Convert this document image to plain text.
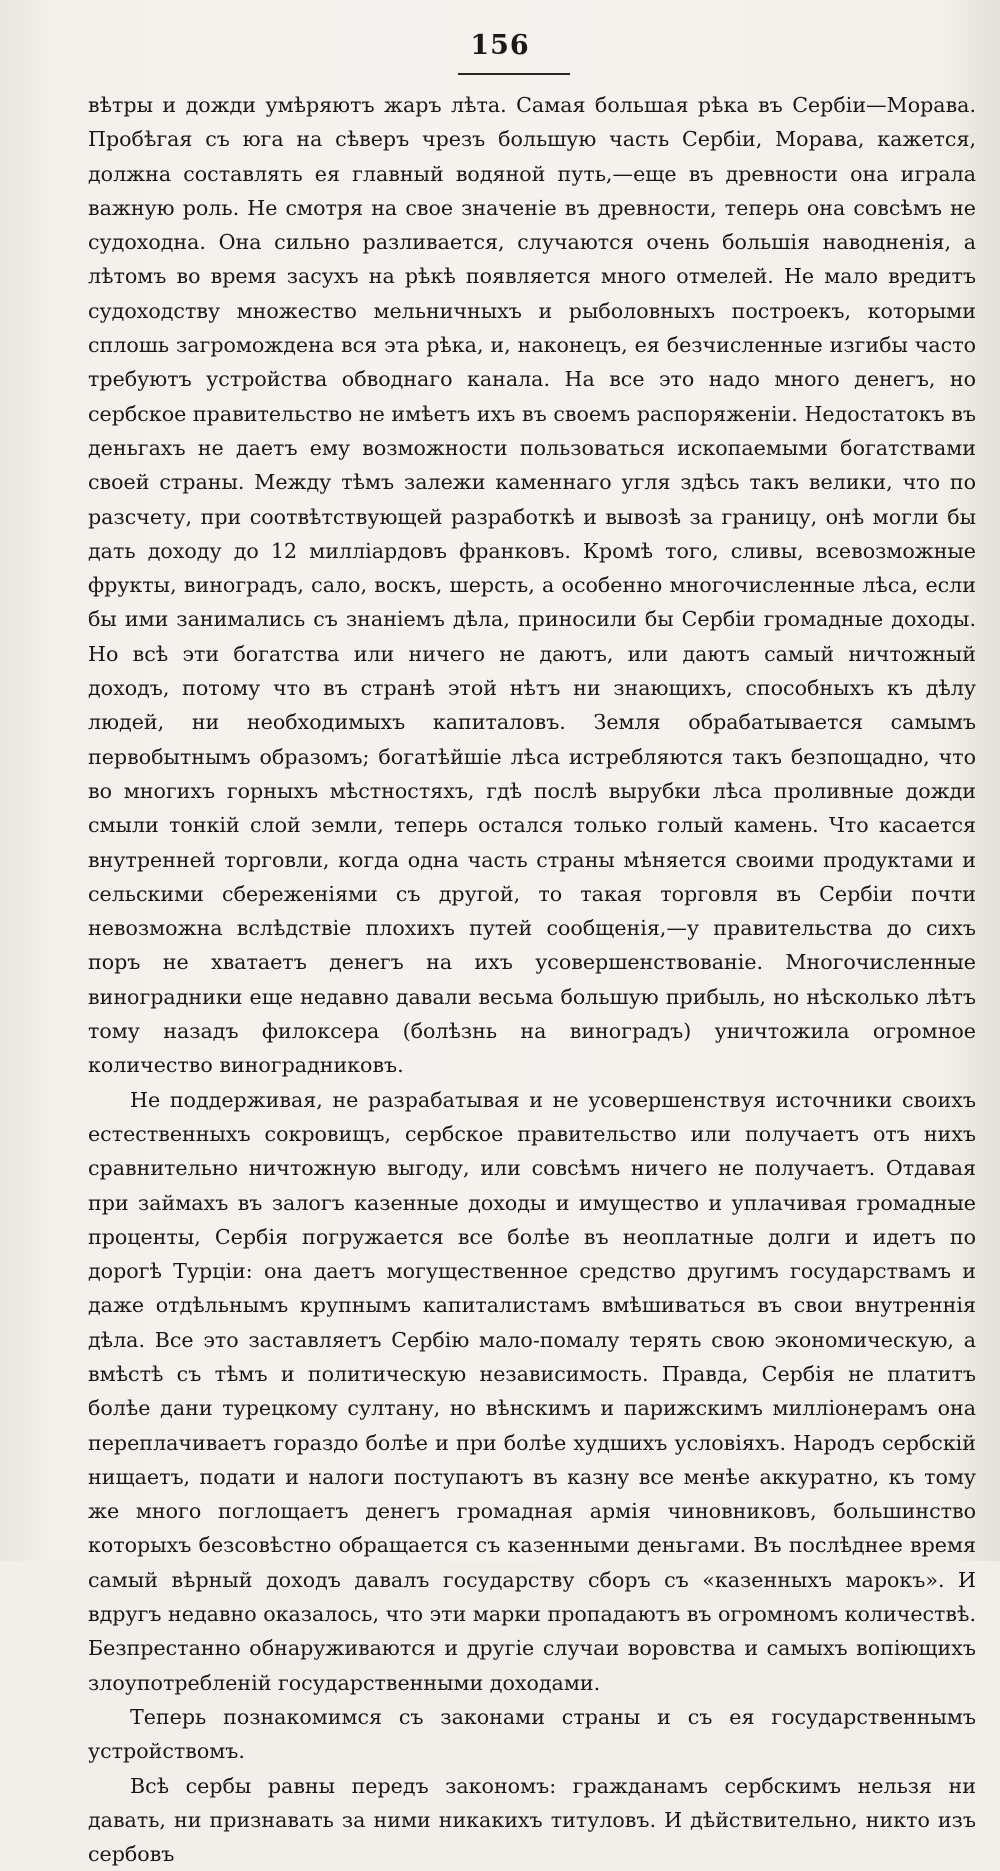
156

вѣтры и дожди умѣряютъ жаръ лѣта. Самая большая рѣка въ Сербіи—Морава. Пробѣгая съ юга на сѣверъ чрезъ большую часть Сербіи, Морава, кажется, должна составлять ея главный водяной путь,—еще въ древности она играла важную роль. Не смотря на свое значеніе въ древности, теперь она совсѣмъ не судоходна. Она сильно разливается, случаются очень большія наводненія, а лѣтомъ во время засухъ на рѣкѣ появляется много отмелей. Не мало вредитъ судоходству множество мельничныхъ и рыболовныхъ построекъ, которыми сплошь загромождена вся эта рѣка, и, наконецъ, ея безчисленные изгибы часто требуютъ устройства обводнаго канала. На все это надо много денегъ, но сербское правительство не имѣетъ ихъ въ своемъ распоряженіи. Недостатокъ въ деньгахъ не даетъ ему возможности пользоваться ископаемыми богатствами своей страны. Между тѣмъ залежи каменнаго угля здѣсь такъ велики, что по разсчету, при соотвѣтствующей разработкѣ и вывозѣ за границу, онѣ могли бы дать доходу до 12 милліардовъ франковъ. Кромѣ того, сливы, всевозможные фрукты, виноградъ, сало, воскъ, шерсть, а особенно многочисленные лѣса, если бы ими занимались съ знаніемъ дѣла, приносили бы Сербіи громадные доходы. Но всѣ эти богатства или ничего не даютъ, или даютъ самый ничтожный доходъ, потому что въ странѣ этой нѣтъ ни знающихъ, способныхъ къ дѣлу людей, ни необходимыхъ капиталовъ. Земля обрабатывается самымъ первобытнымъ образомъ; богатѣйшіе лѣса истребляются такъ безпощадно, что во многихъ горныхъ мѣстностяхъ, гдѣ послѣ вырубки лѣса проливные дожди смыли тонкій слой земли, теперь остался только голый камень. Что касается внутренней торговли, когда одна часть страны мѣняется своими продуктами и сельскими сбереженіями съ другой, то такая торговля въ Сербіи почти невозможна вслѣдствіе плохихъ путей сообщенія,—у правительства до сихъ поръ не хватаетъ денегъ на ихъ усовершенствованіе. Многочисленные виноградники еще недавно давали весьма большую прибыль, но нѣсколько лѣтъ тому назадъ филоксера (болѣзнь на виноградъ) уничтожила огромное количество виноградниковъ.

Не поддерживая, не разрабатывая и не усовершенствуя источники своихъ естественныхъ сокровищъ, сербское правительство или получаетъ отъ нихъ сравнительно ничтожную выгоду, или совсѣмъ ничего не получаетъ. Отдавая при займахъ въ залогъ казенные доходы и имущество и уплачивая громадные проценты, Сербія погружается все болѣе въ неоплатные долги и идетъ по дорогѣ Турціи: она даетъ могущественное средство другимъ государствамъ и даже отдѣльнымъ крупнымъ капиталистамъ вмѣшиваться въ свои внутреннія дѣла. Все это заставляетъ Сербію мало-помалу терять свою экономическую, а вмѣстѣ съ тѣмъ и политическую независимость. Правда, Сербія не платитъ болѣе дани турецкому султану, но вѣнскимъ и парижскимъ милліонерамъ она переплачиваетъ гораздо болѣе и при болѣе худшихъ условіяхъ. Народъ сербскій нищаетъ, подати и налоги поступаютъ въ казну все менѣе аккуратно, къ тому же много поглощаетъ денегъ громадная армія чиновниковъ, большинство которыхъ безсовѣстно обращается съ казенными деньгами. Въ послѣднее время самый вѣрный доходъ давалъ государству сборъ съ «казенныхъ марокъ». И вдругъ недавно оказалось, что эти марки пропадаютъ въ огромномъ количествѣ. Безпрестанно обнаруживаются и другіе случаи воровства и самыхъ вопіющихъ злоупотребленій государственными доходами.

Теперь познакомимся съ законами страны и съ ея государственнымъ устройствомъ.

Всѣ сербы равны передъ закономъ: гражданамъ сербскимъ нельзя ни давать, ни признавать за ними никакихъ титуловъ. И дѣйствительно, никто изъ сербовъ
